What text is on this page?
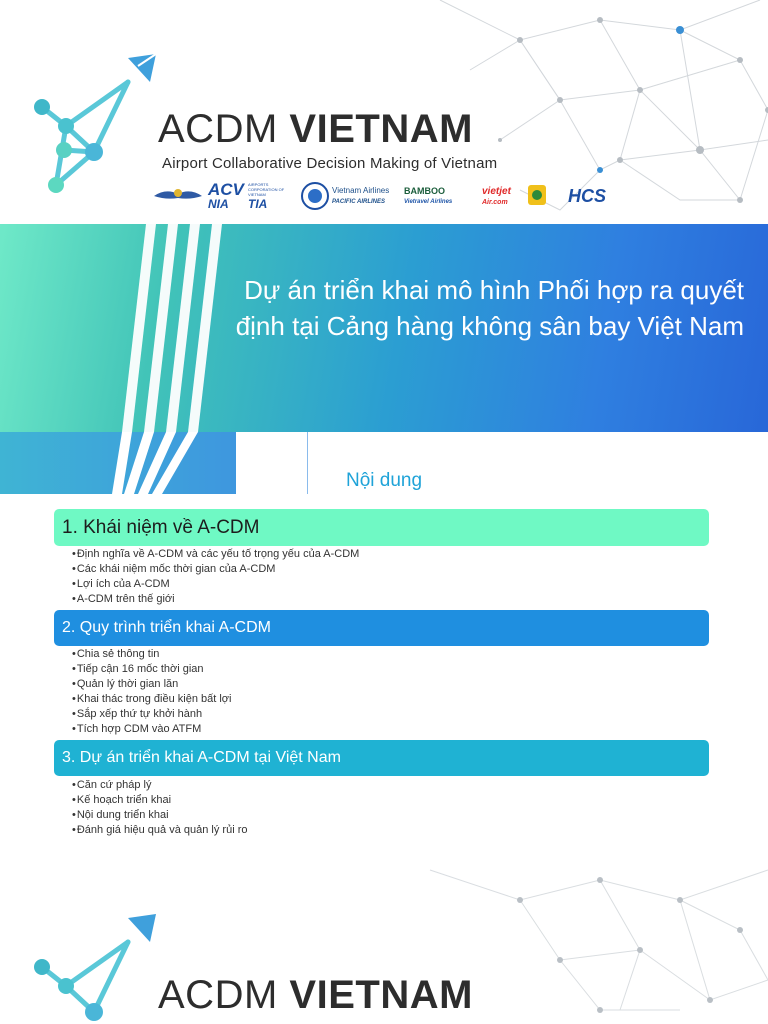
ACDM VIETNAM
Airport Collaborative Decision Making of Vietnam
ACV
NIA
AIRPORTS CORPORATION OF VIETNAM
TIA
Vietnam Airlines
PACIFIC AIRLINES
BAMBOO
Vietravel Airlines
vietjet
Air.com	HCS
Dự án triển khai mô hình Phối hợp ra quyết định tại Cảng hàng không sân bay Việt Nam
Nội dung
1. Khái niệm về A-CDM
• Định nghĩa về A-CDM và các yếu tố trọng yếu của A-CDM
• Các khái niệm mốc thời gian của A-CDM
• Lợi ích của A-CDM
• A-CDM trên thế giới
2. Quy trình triển khai A-CDM
• Chia sẻ thông tin
• Tiếp cận 16 mốc thời gian
• Quản lý thời gian lăn
• Khai thác trong điều kiện bất lợi
• Sắp xếp thứ tự khởi hành
• Tích hợp CDM vào ATFM
3. Dự án triển khai A-CDM tại Việt Nam
• Căn cứ pháp lý
• Kế hoạch triển khai
• Nội dung triển khai
• Đánh giá hiệu quả và quản lý rủi ro
ACDM VIETNAM
